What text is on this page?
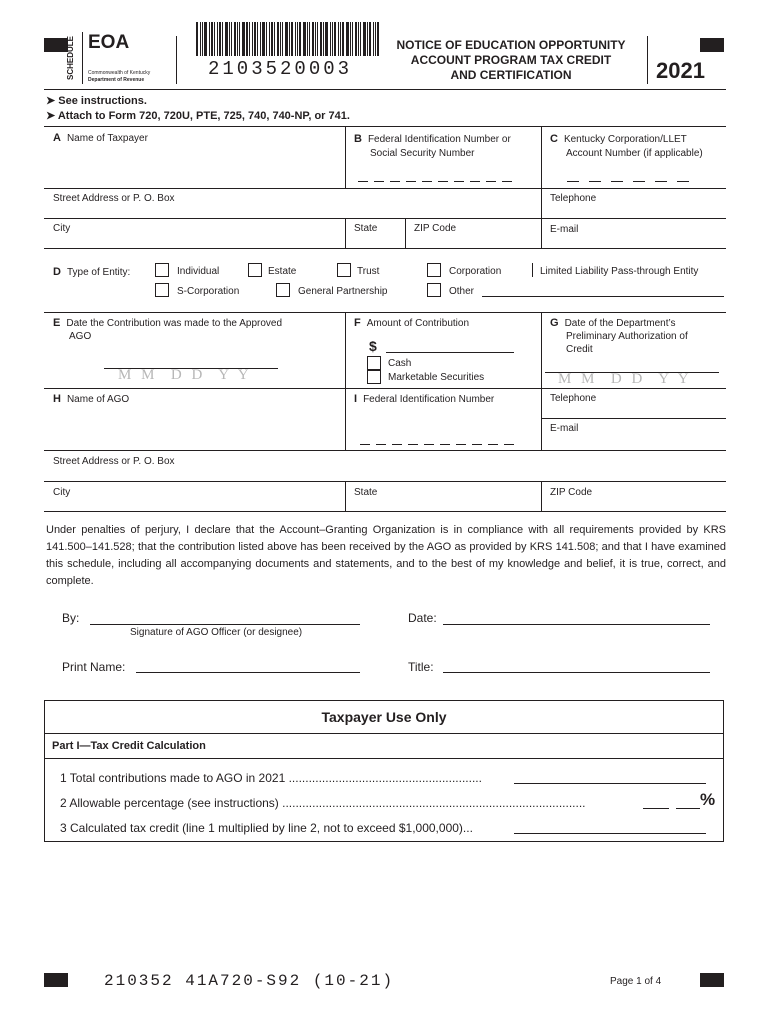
SCHEDULE EOA
Commonwealth of Kentucky
Department of Revenue	2103520003
NOTICE OF EDUCATION OPPORTUNITY
ACCOUNT PROGRAM TAX CREDIT
AND CERTIFICATION	2021
➤ See instructions.
➤ Attach to Form 720, 720U, PTE, 725, 740, 740-NP, or 741.
A Name of Taxpayer	B Federal Identification Number or
Social Security Number
C Kentucky Corporation/LLET
Account Number (if applicable)
Street Address or P. O. Box	Telephone
City	State	ZIP Code	E-mail
D Type of Entity:	Individual	Estate	Trust	Corporation	Limited Liability Pass-through Entity
S-Corporation	General Partnership	Other
E Date the Contribution was made to the Approved
AGO
M M  D D  Y Y
F Amount of Contribution
$
Cash
Marketable Securities
G Date of the Department’s
Preliminary Authorization of
Credit
M M  D D  Y Y
H Name of AGO	I Federal Identification Number	Telephone
E-mail
Street Address or P. O. Box
City	State	ZIP Code
Under penalties of perjury, I declare that the Account–Granting Organization is in compliance with all requirements provided by KRS 141.500–141.528; that the contribution listed above has been received by the AGO as provided by KRS 141.508; and that I have examined this schedule, including all accompanying documents and statements, and to the best of my knowledge and belief, it is true, correct, and complete.
By:	Date:
Signature of AGO Officer (or designee)
Print Name:	Title:
Taxpayer Use Only
Part I—Tax Credit Calculation
1 Total contributions made to AGO in 2021 ..........................................................
2 Allowable percentage (see instructions) ...........................................................................................	%
3 Calculated tax credit (line 1 multiplied by line 2, not to exceed $1,000,000)...
210352 41A720-S92 (10-21)	Page 1 of 4
